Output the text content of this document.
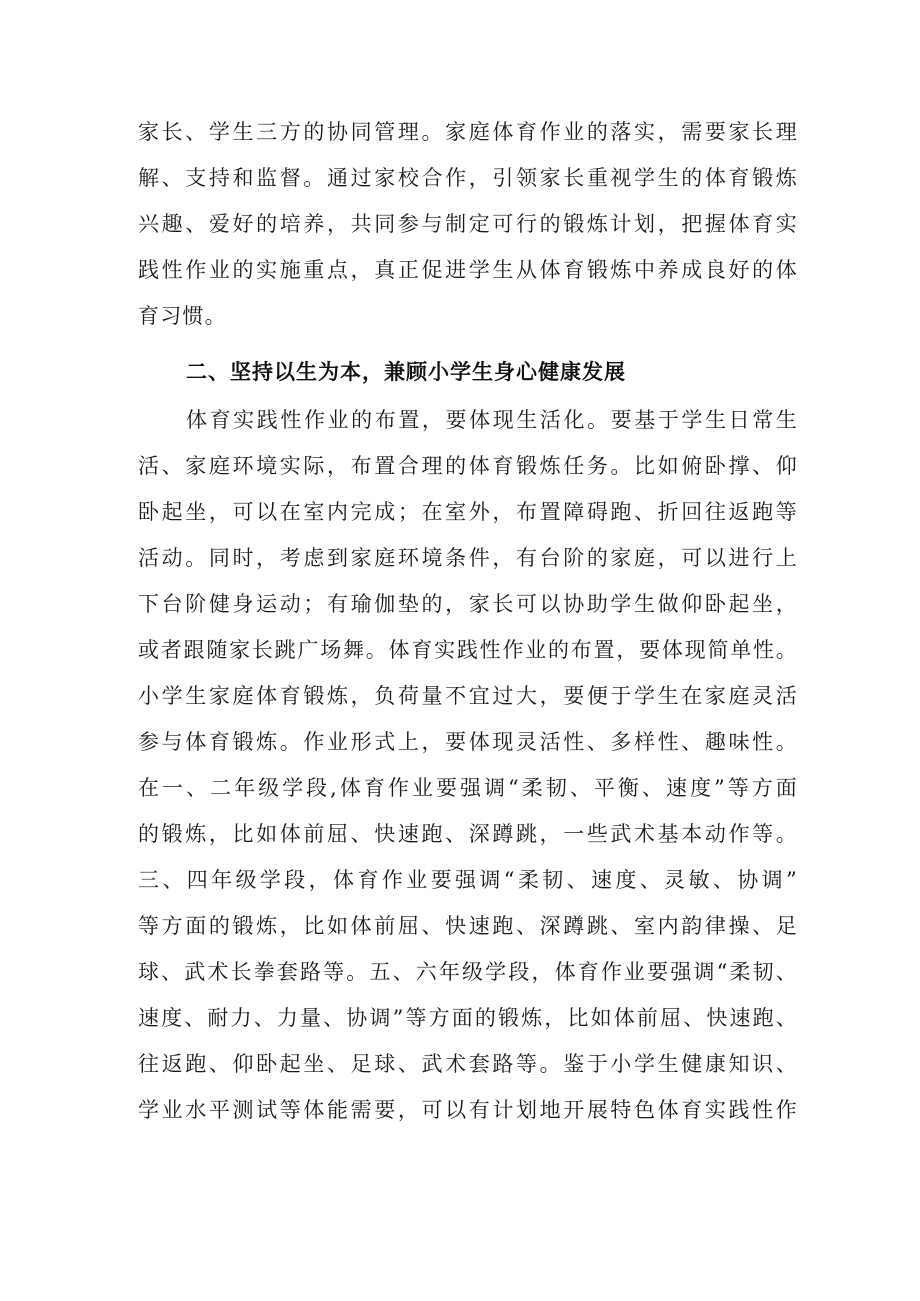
家长、学生三方的协同管理。家庭体育作业的落实，需要家长理
解、支持和监督。通过家校合作，引领家长重视学生的体育锻炼
兴趣、爱好的培养，共同参与制定可行的锻炼计划，把握体育实
践性作业的实施重点，真正促进学生从体育锻炼中养成良好的体
育习惯。
二、坚持以生为本，兼顾小学生身心健康发展
体育实践性作业的布置，要体现生活化。要基于学生日常生
活、家庭环境实际，布置合理的体育锻炼任务。比如俯卧撑、仰
卧起坐，可以在室内完成；在室外，布置障碍跑、折回往返跑等
活动。同时，考虑到家庭环境条件，有台阶的家庭，可以进行上
下台阶健身运动；有瑜伽垫的，家长可以协助学生做仰卧起坐，
或者跟随家长跳广场舞。体育实践性作业的布置，要体现简单性。
小学生家庭体育锻炼，负荷量不宜过大，要便于学生在家庭灵活
参与体育锻炼。作业形式上，要体现灵活性、多样性、趣味性。
在一、二年级学段,体育作业要强调“柔韧、平衡、速度”等方面
的锻炼，比如体前屈、快速跑、深蹲跳，一些武术基本动作等。
三、四年级学段，体育作业要强调“柔韧、速度、灵敏、协调”
等方面的锻炼，比如体前屈、快速跑、深蹲跳、室内韵律操、足
球、武术长拳套路等。五、六年级学段，体育作业要强调“柔韧、
速度、耐力、力量、协调”等方面的锻炼，比如体前屈、快速跑、
往返跑、仰卧起坐、足球、武术套路等。鉴于小学生健康知识、
学业水平测试等体能需要，可以有计划地开展特色体育实践性作
